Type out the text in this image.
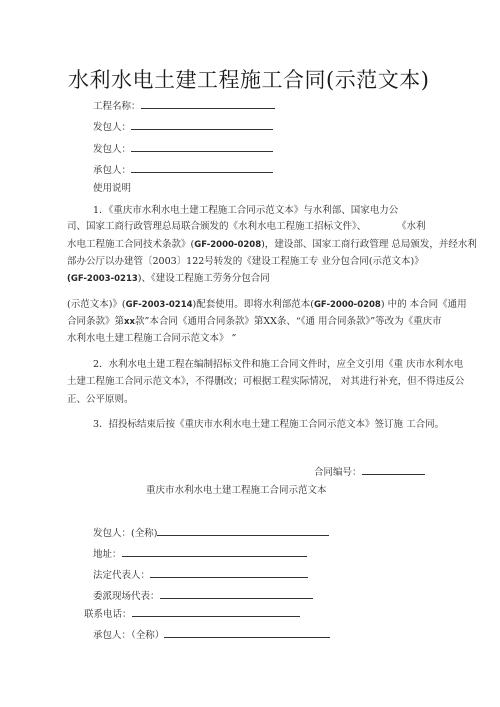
水利水电土建工程施工合同(示范文本)
工程名称：
发包人：
发包人：
承包人：
使用说明
1．《重庆市水利水电土建工程施工合同示范文本》与水利部、国家电力公
司、国家工商行政管理总局联合颁发的《水利水电工程施工招标文件》、	《水利
水电工程施工合同技术条款》(GF-2000-0208)，建设部、国家工商行政管理 总局颁发，并经水利
部办公厅以办建管〔2003〕122号转发的《建设工程施工专 业分包合同(示范文本)》
(GF-2003-0213)、《建设工程施工劳务分包合同
(示范文本)》(GF-2003-0214)配套使用。即将水利部范本(GF-2000-0208) 中的 本合同《通用
合同条款》第xx款”本合同《通用合同条款》第XX条、“《通 用合同条款》”等改为《重庆市
水利水电土建工程施工合同示范文本》 ”
2．水利水电土建工程在编制招标文件和施工合同文件时，应全文引用《重 庆市水利水电
土建工程施工合同示范文本》，不得删改；可根据工程实际情况， 对其进行补充，但不得违反公
正、公平原则。
3．招投标结束后按《重庆市水利水电土建工程施工合同示范文本》签订施 工合同。
合同编号：
重庆市水利水电土建工程施工合同示范文本
发包人：(全称)
地址：
法定代表人：
委派现场代表：
联系电话：
承包人：（全称）
